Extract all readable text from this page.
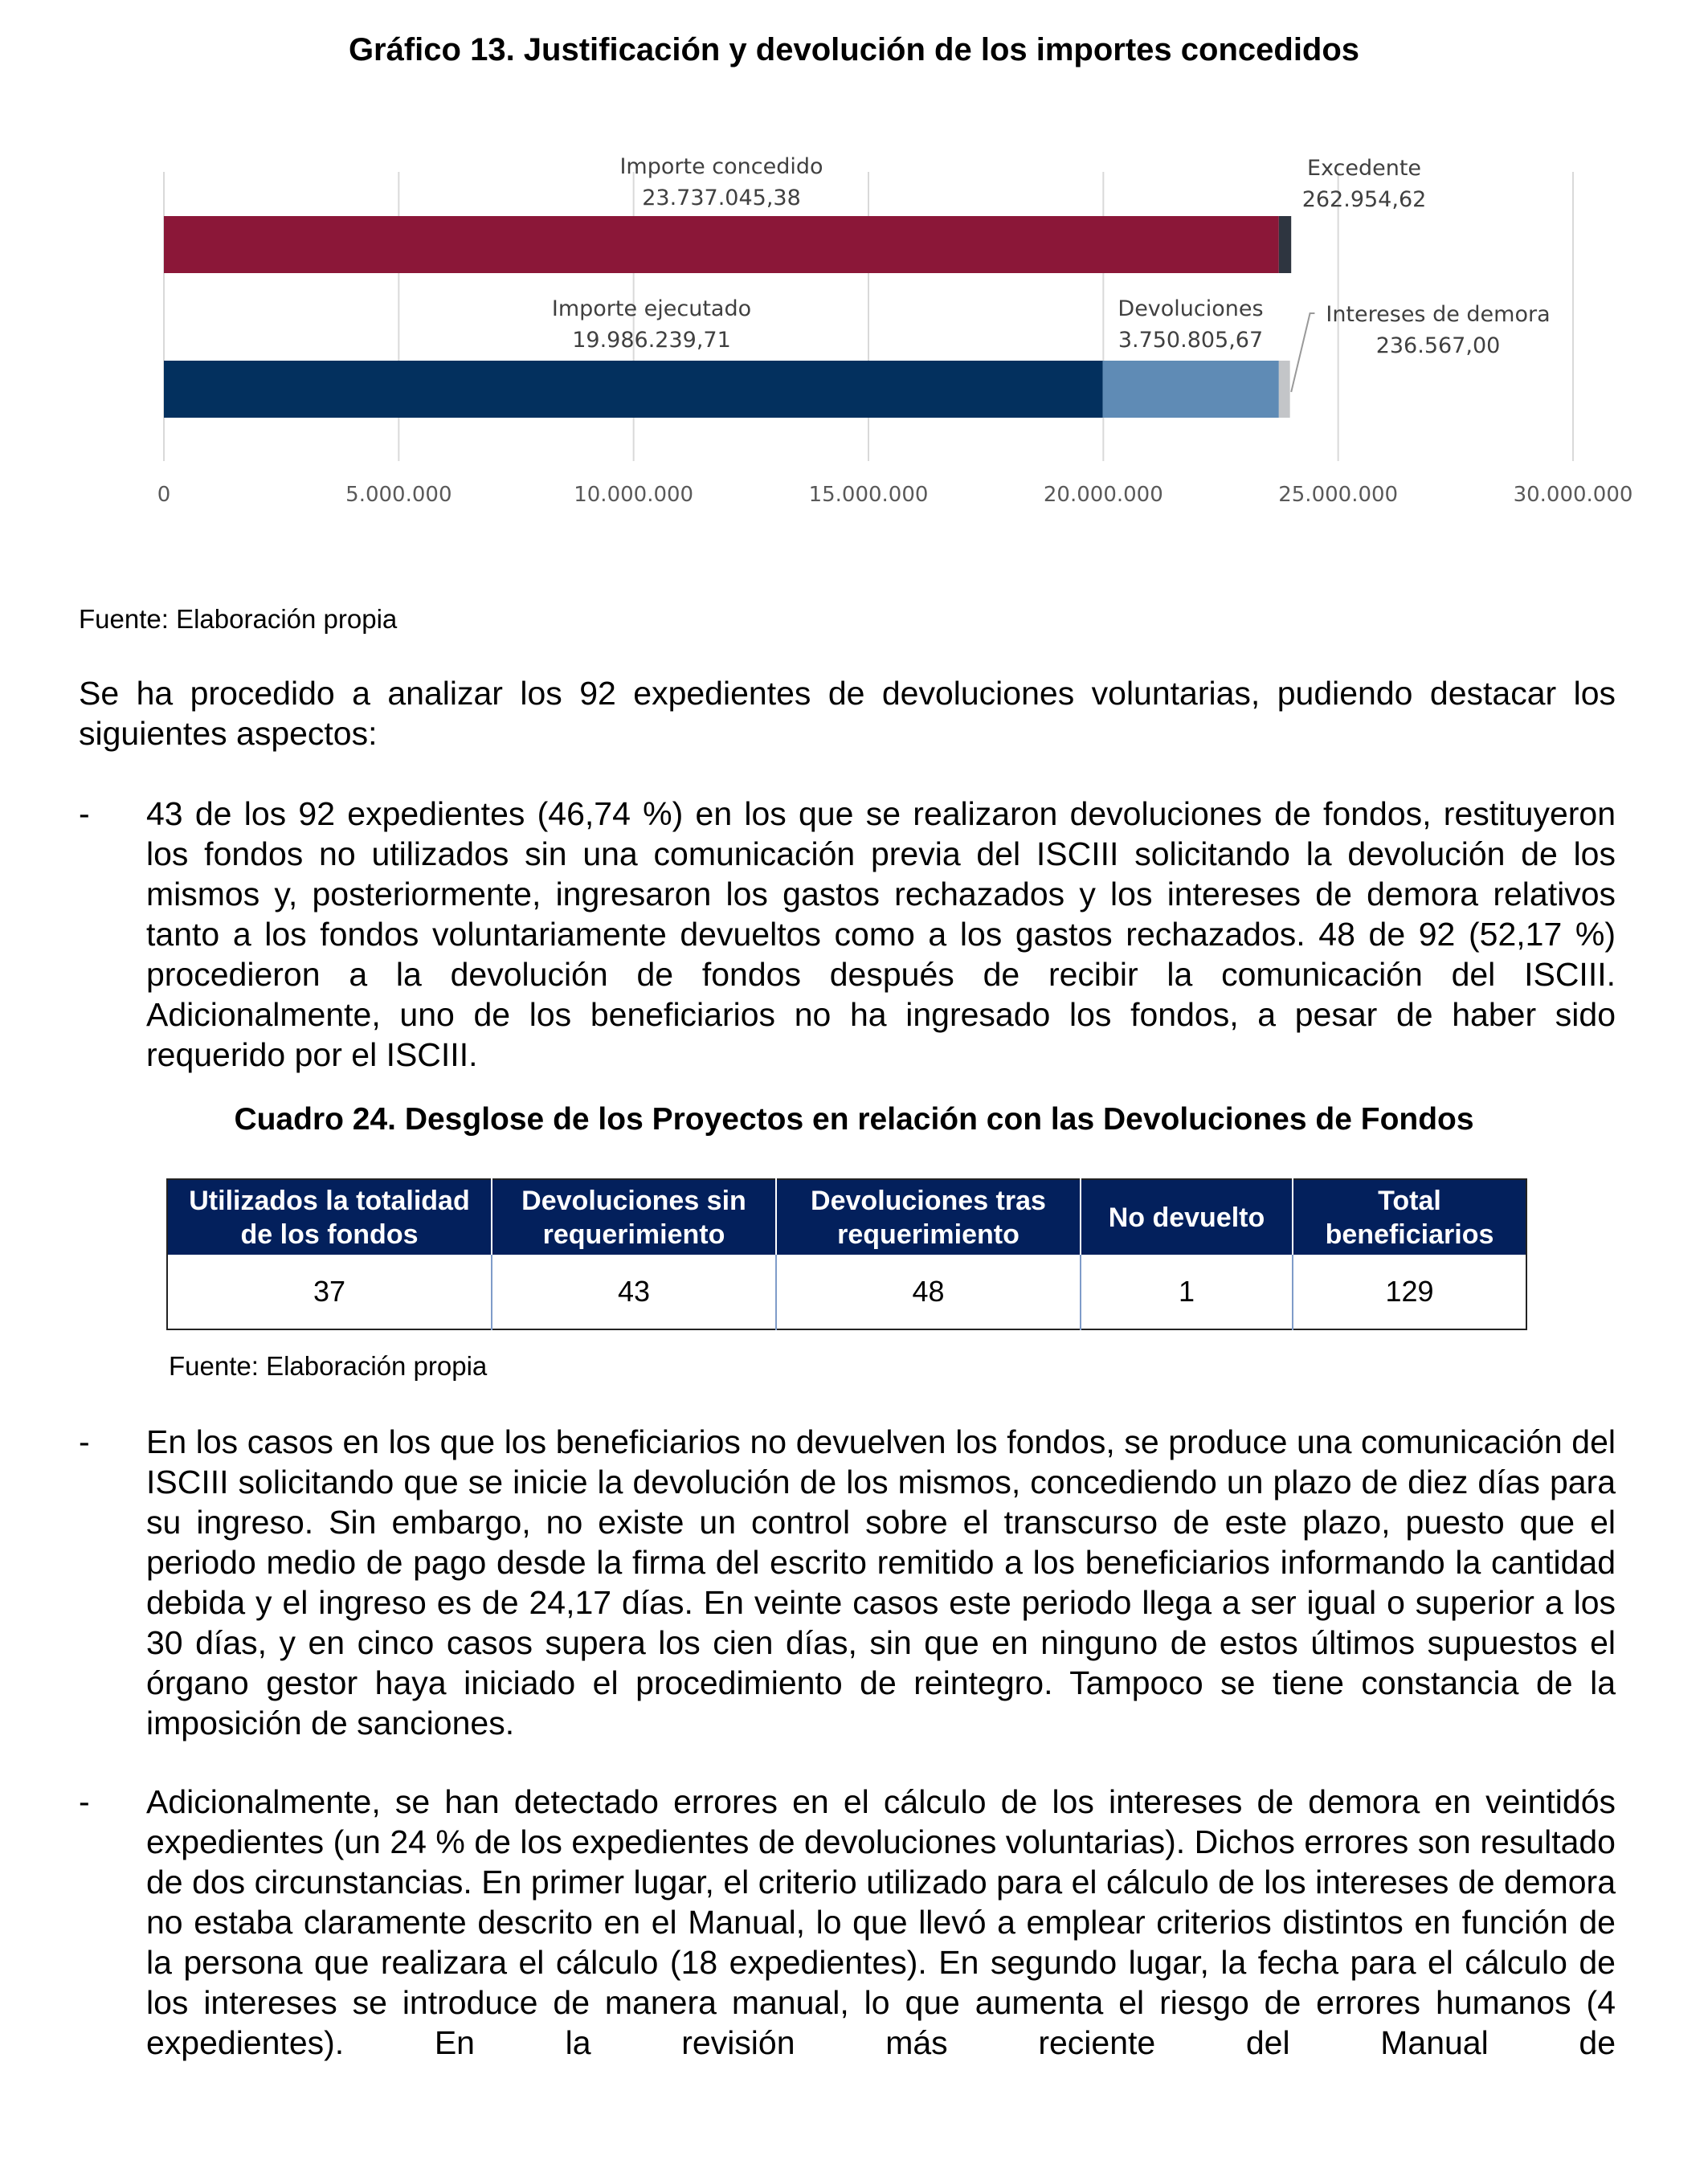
Gráfico 13. Justificación y devolución de los importes concedidos
0	5.000.000	10.000.000	15.000.000	20.000.000	25.000.000	30.000.000
Importe concedido
23.737.045,38
Excedente
262.954,62
Importe ejecutado
19.986.239,71
Devoluciones
3.750.805,67
Intereses de demora
236.567,00
Fuente: Elaboración propia
Se ha procedido a analizar los 92 expedientes de devoluciones voluntarias, pudiendo destacar los siguientes aspectos:
- 43 de los 92 expedientes (46,74 %) en los que se realizaron devoluciones de fondos, restituyeron los fondos no utilizados sin una comunicación previa del ISCIII solicitando la devolución de los mismos y, posteriormente, ingresaron los gastos rechazados y los intereses de demora relativos tanto a los fondos voluntariamente devueltos como a los gastos rechazados. 48 de 92 (52,17 %) procedieron a la devolución de fondos después de recibir la comunicación del ISCIII. Adicionalmente, uno de los beneficiarios no ha ingresado los fondos, a pesar de haber sido requerido por el ISCIII.
Cuadro 24. Desglose de los Proyectos en relación con las Devoluciones de Fondos
Utilizados la totalidad de los fondos	Devoluciones sin requerimiento	Devoluciones tras requerimiento	No devuelto	Total beneficiarios
37	43	48	1	129
Fuente: Elaboración propia
- En los casos en los que los beneficiarios no devuelven los fondos, se produce una comunicación del ISCIII solicitando que se inicie la devolución de los mismos, concediendo un plazo de diez días para su ingreso. Sin embargo, no existe un control sobre el transcurso de este plazo, puesto que el periodo medio de pago desde la firma del escrito remitido a los beneficiarios informando la cantidad debida y el ingreso es de 24,17 días. En veinte casos este periodo llega a ser igual o superior a los 30 días, y en cinco casos supera los cien días, sin que en ninguno de estos últimos supuestos el órgano gestor haya iniciado el procedimiento de reintegro. Tampoco se tiene constancia de la imposición de sanciones.
- Adicionalmente, se han detectado errores en el cálculo de los intereses de demora en veintidós expedientes (un 24 % de los expedientes de devoluciones voluntarias). Dichos errores son resultado de dos circunstancias. En primer lugar, el criterio utilizado para el cálculo de los intereses de demora no estaba claramente descrito en el Manual, lo que llevó a emplear criterios distintos en función de la persona que realizara el cálculo (18 expedientes). En segundo lugar, la fecha para el cálculo de los intereses se introduce de manera manual, lo que aumenta el riesgo de errores humanos (4 expedientes). En la revisión más reciente del Manual de
